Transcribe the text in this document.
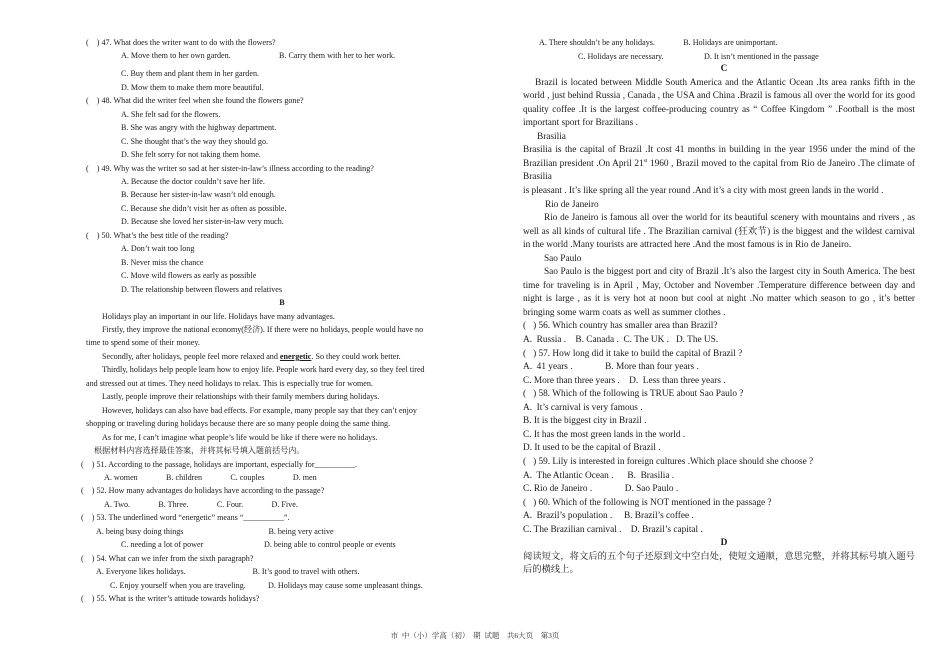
(    ) 47. What does the writer want to do with the flowers?
A. Move them to her own garden.	B. Carry them with her to her work.
C. Buy them and plant them in her garden.
D. Mow them to make them more beautiful.
(    ) 48. What did the writer feel when she found the flowers gone?
A. She felt sad for the flowers.
B. She was angry with the highway department.
C. She thought that’s the way they should go.
D. She felt sorry for not taking them home.
(    ) 49. Why was the writer so sad at her sister-in-law’s illness according to the reading?
A. Because the doctor couldn’t save her life.
B. Because her sister-in-law wasn’t old enough.
C. Because she didn’t visit her as often as possible.
D. Because she loved her sister-in-law very much.
(    ) 50. What’s the best title of the reading?
A. Don’t wait too long
B. Never miss the chance
C. Move wild flowers as early as possible
D. The relationship between flowers and relatives
B
Holidays play an important in our life. Holidays have many advantages.
Firstly, they improve the national economy(经济). If there were no holidays, people would have no
time to spend some of their money.
Secondly, after holidays, people feel more relaxed and energetic. So they could work better.
Thirdly, holidays help people learn how to enjoy life. People work hard every day, so they feel tired
and stressed out at times. They need holidays to relax. This is especially true for women.
Lastly, people improve their relationships with their family members during holidays.
However, holidays can also have bad effects. For example, many people say that they can’t enjoy
shopping or traveling during holidays because there are so many people doing the same thing.
As for me, I can’t imagine what people’s life would be like if there were no holidays.
根据材料内容选择最佳答案，并将其标号填入题前括号内。
(    ) 51. According to the passage, holidays are important, especially for__________.
A. women              B. children              C. couples              D. men
(    ) 52. How many advantages do holidays have according to the passage?
A. Two.              B. Three.              C. Four.              D. Five.
(    ) 53. The underlined word “energetic” means “__________”.
A. being busy doing things                                          B. being very active
C. needing a lot of power                              D. being able to control people or events
(    ) 54. What can we infer from the sixth paragraph?
A. Everyone likes holidays.                                 B. It’s good to travel with others.
C. Enjoy yourself when you are traveling.           D. Holidays may cause some unpleasant things.
(    ) 55. What is the writer’s attitude towards holidays?
A. There shouldn’t be any holidays.              B. Holidays are unimportant.
C. Holidays are necessary.                    D. It isn’t mentioned in the passage
C
Brazil is located between Middle South America and the Atlantic Ocean .Its area ranks fifth in the world , just behind Russia , Canada , the USA and China .Brazil is famous all over the world for its good quality coffee .It is the largest coffee-producing country as “ Coffee Kingdom ” .Football is the most important sport for Brazilians .
Brasilia
Brasilia is the capital of Brazil .It cost 41 months in building in the year 1956 under the mind of the Brazilian president .On April 21st 1960 , Brazil moved to the capital from Rio de Janeiro .The climate of Brasilia
is pleasant . It’s like spring all the year round .And it’s a city with most green lands in the world .
Rio de Janeiro
Rio de Janeiro is famous all over the world for its beautiful scenery with mountains and rivers , as well as all kinds of cultural life . The Brazilian carnival (狂欢节) is the biggest and the wildest carnival in the world .Many tourists are attracted here .And the most famous is in Rio de Janeiro.
Sao Paulo
Sao Paulo is the biggest port and city of Brazil .It’s also the largest city in South America. The best time for traveling is in April , May, October and November .Temperature difference between day and night is large , as it is very hot at noon but cool at night .No matter which season to go , it’s better bringing some warm coats as well as summer clothes .
(   ) 56. Which country has smaller area than Brazil?
A.  Russia .    B. Canada .  C. The UK .   D. The US.
(   ) 57. How long did it take to build the capital of Brazil ?
A.  41 years .              B. More than four years .
C. More than three years .    D.  Less than three years .
(   ) 58. Which of the following is TRUE about Sao Paulo ?
A.  It’s carnival is very famous .
B. It is the biggest city in Brazil .
C. It has the most green lands in the world .
D. It used to be the capital of Brazil .
(   ) 59. Lily is interested in foreign cultures .Which place should she choose ?
A.  The Atlantic Ocean .      B.  Brasilia .
C. Rio de Janeiro .              D. Sao Paulo .
(   ) 60. Which of the following is NOT mentioned in the passage ?
A.  Brazil’s population .     B. Brazil’s coffee .
C. The Brazilian carnival .    D. Brazil’s capital .
D
阅读短文，将文后的五个句子还原到文中空白处，使短文通顺，意思完整，并将其标号填入题号后的横线上。
市  中（小）学高（初）  期  试题    共6大页    第3页
